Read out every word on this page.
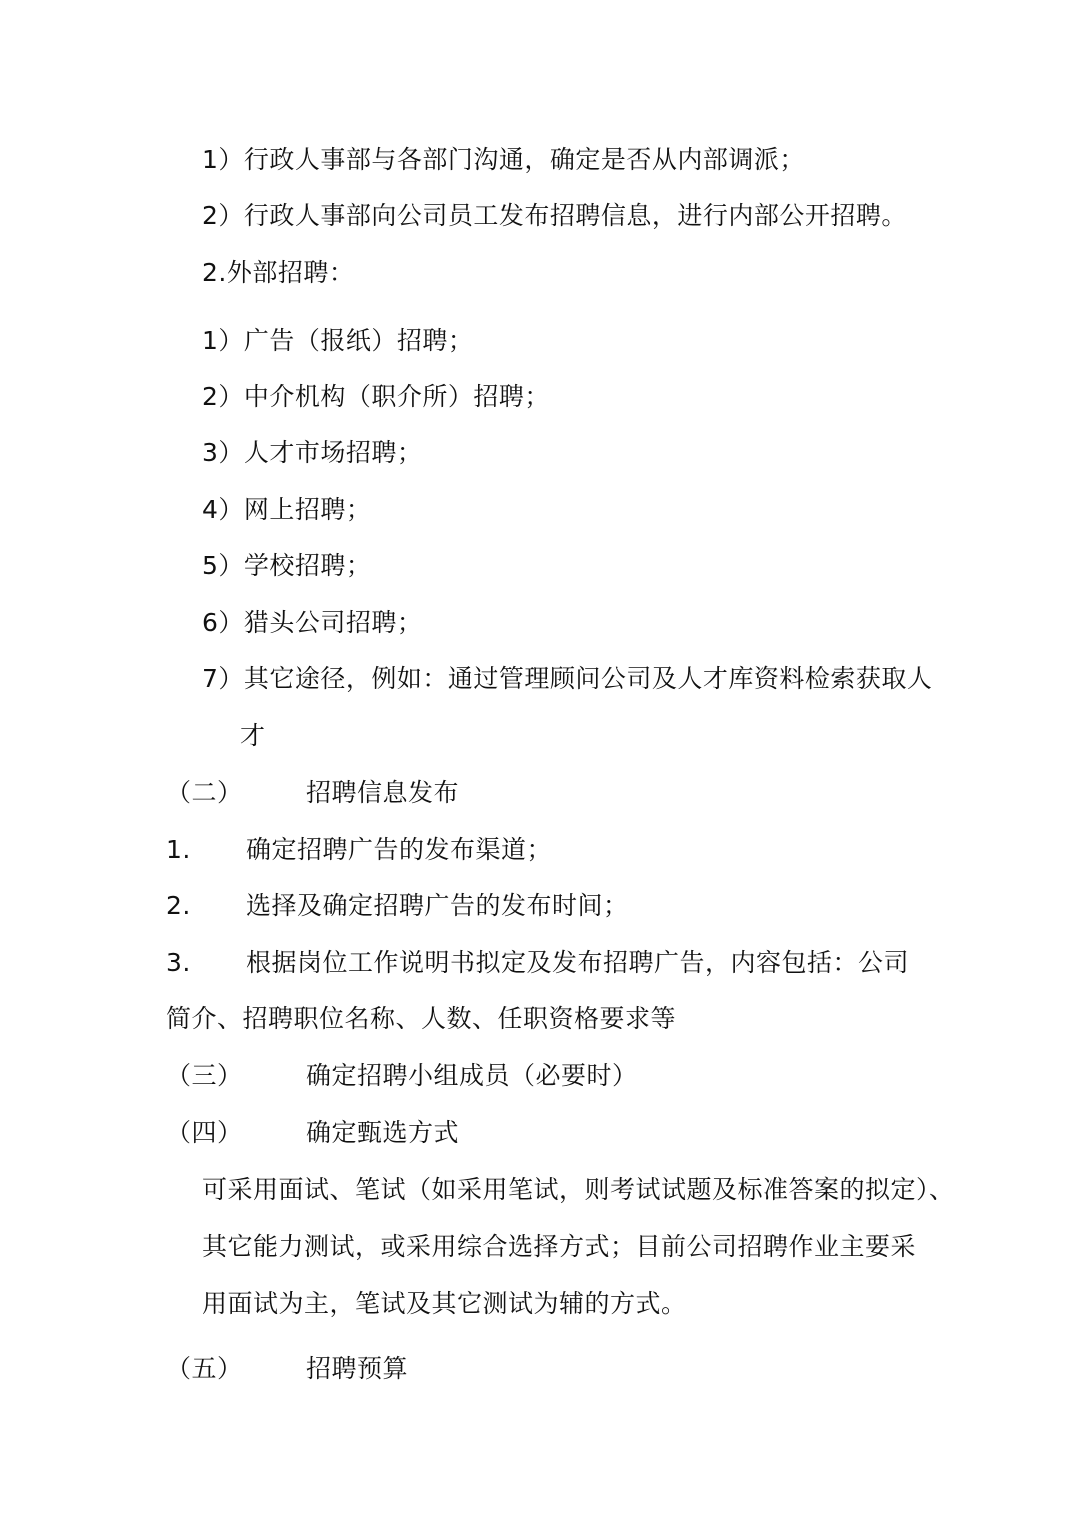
1）行政人事部与各部门沟通，确定是否从内部调派；
2）行政人事部向公司员工发布招聘信息，进行内部公开招聘。
2.外部招聘：
1）广告（报纸）招聘；
2）中介机构（职介所）招聘；
3）人才市场招聘；
4）网上招聘；
5）学校招聘；
6）猎头公司招聘；
7）其它途径，例如：通过管理顾问公司及人才库资料检索获取人
才
（二）	招聘信息发布
1. 确定招聘广告的发布渠道；
2. 选择及确定招聘广告的发布时间；
3. 根据岗位工作说明书拟定及发布招聘广告，内容包括：公司
简介、招聘职位名称、人数、任职资格要求等
（三）	确定招聘小组成员（必要时）
（四）	确定甄选方式
可采用面试、笔试（如采用笔试，则考试试题及标准答案的拟定）、
其它能力测试，或采用综合选择方式；目前公司招聘作业主要采
用面试为主，笔试及其它测试为辅的方式。
（五）	招聘预算
